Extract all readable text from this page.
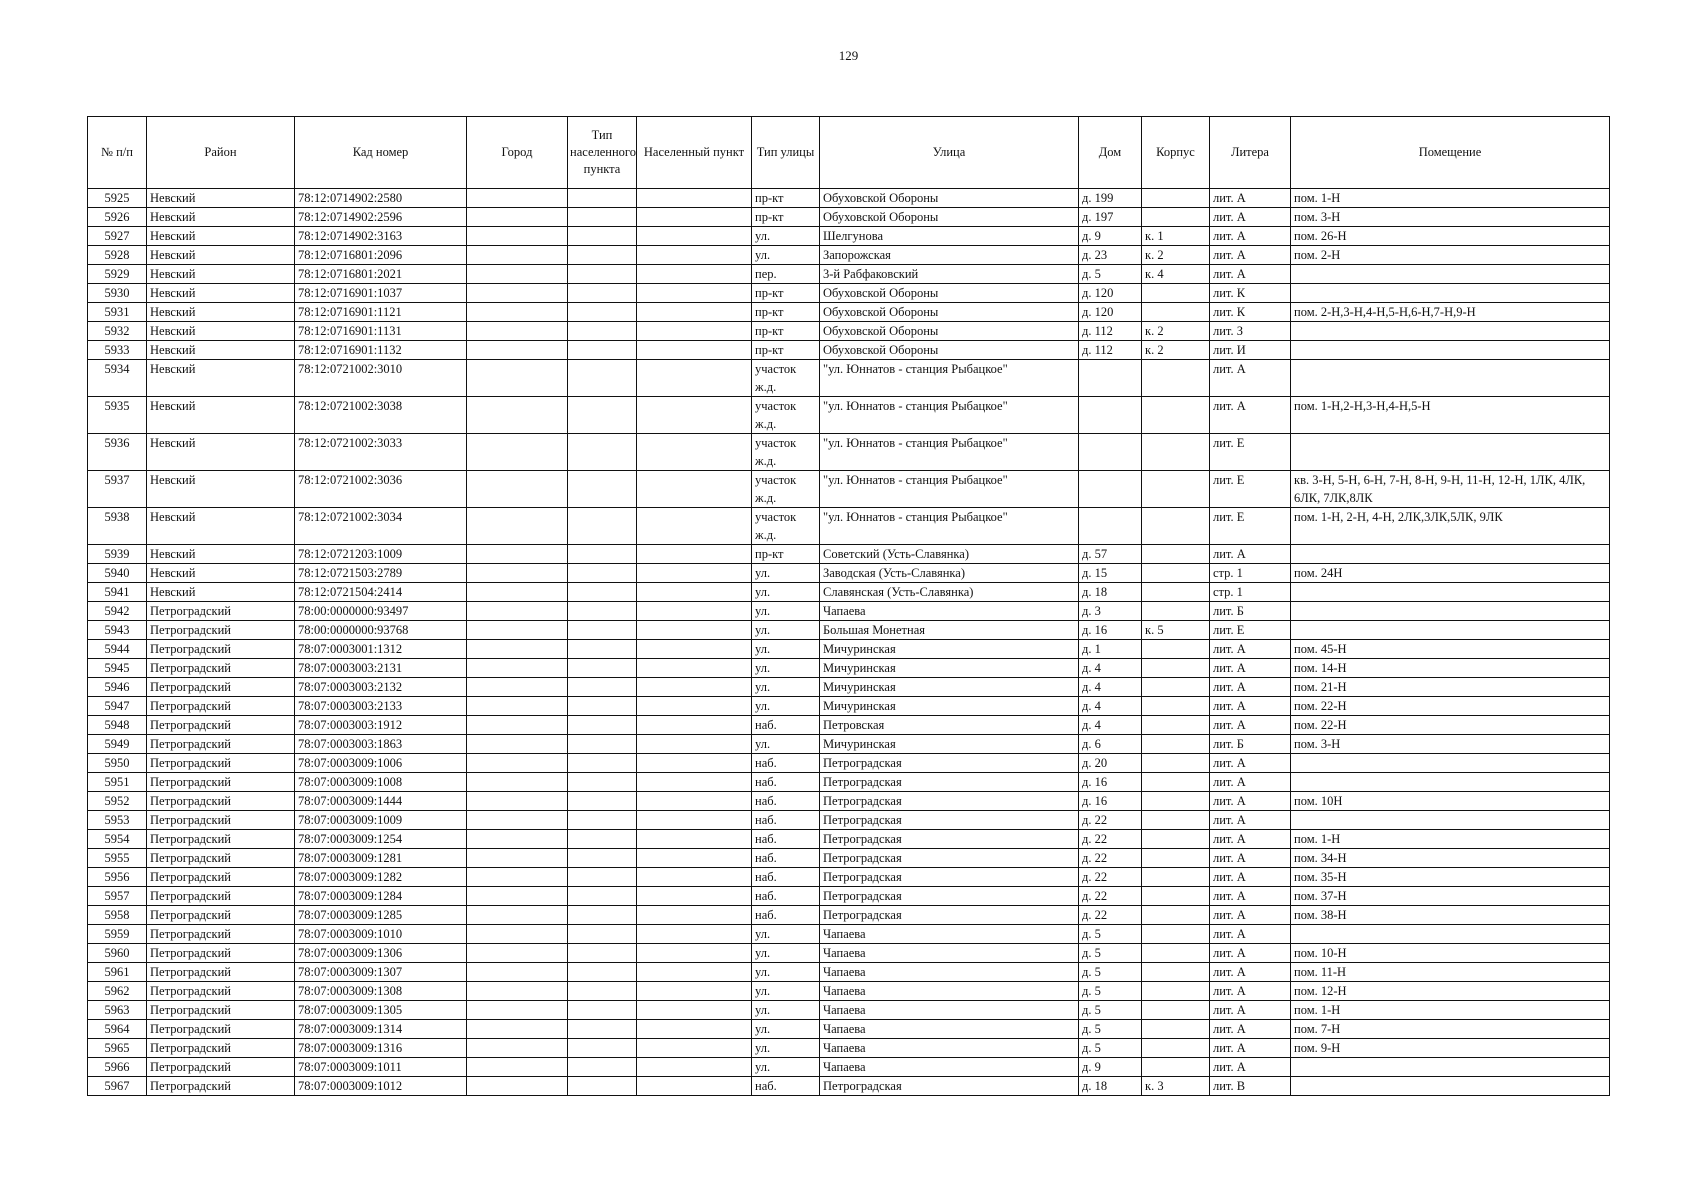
129
№ п/п	Район	Кад номер	Город	Тип населенного пункта	Населенный пункт	Тип улицы	Улица	Дом	Корпус	Литера	Помещение
5925	Невский	78:12:0714902:2580				пр-кт	Обуховской Обороны	д. 199		лит. А	пом. 1-Н
5926	Невский	78:12:0714902:2596				пр-кт	Обуховской Обороны	д. 197		лит. А	пом. 3-Н
5927	Невский	78:12:0714902:3163				ул.	Шелгунова	д. 9	к. 1	лит. А	пом. 26-Н
5928	Невский	78:12:0716801:2096				ул.	Запорожская	д. 23	к. 2	лит. А	пом. 2-Н
5929	Невский	78:12:0716801:2021				пер.	3-й Рабфаковский	д. 5	к. 4	лит. А	
5930	Невский	78:12:0716901:1037				пр-кт	Обуховской Обороны	д. 120		лит. К	
5931	Невский	78:12:0716901:1121				пр-кт	Обуховской Обороны	д. 120		лит. К	пом. 2-Н,3-Н,4-Н,5-Н,6-Н,7-Н,9-Н
5932	Невский	78:12:0716901:1131				пр-кт	Обуховской Обороны	д. 112	к. 2	лит. З	
5933	Невский	78:12:0716901:1132				пр-кт	Обуховской Обороны	д. 112	к. 2	лит. И	
5934	Невский	78:12:0721002:3010				участок ж.д.	"ул. Юннатов - станция Рыбацкое"			лит. А	
5935	Невский	78:12:0721002:3038				участок ж.д.	"ул. Юннатов - станция Рыбацкое"			лит. А	пом. 1-Н,2-Н,3-Н,4-Н,5-Н
5936	Невский	78:12:0721002:3033				участок ж.д.	"ул. Юннатов - станция Рыбацкое"			лит. Е	
5937	Невский	78:12:0721002:3036				участок ж.д.	"ул. Юннатов - станция Рыбацкое"			лит. Е	кв. 3-Н, 5-Н, 6-Н, 7-Н, 8-Н, 9-Н, 11-Н, 12-Н, 1ЛК, 4ЛК, 6ЛК, 7ЛК,8ЛК
5938	Невский	78:12:0721002:3034				участок ж.д.	"ул. Юннатов - станция Рыбацкое"			лит. Е	пом. 1-Н, 2-Н, 4-Н, 2ЛК,3ЛК,5ЛК, 9ЛК
5939	Невский	78:12:0721203:1009				пр-кт	Советский (Усть-Славянка)	д. 57		лит. А	
5940	Невский	78:12:0721503:2789				ул.	Заводская (Усть-Славянка)	д. 15		стр. 1	пом. 24Н
5941	Невский	78:12:0721504:2414				ул.	Славянская (Усть-Славянка)	д. 18		стр. 1	
5942	Петроградский	78:00:0000000:93497				ул.	Чапаева	д. 3		лит. Б	
5943	Петроградский	78:00:0000000:93768				ул.	Большая Монетная	д. 16	к. 5	лит. Е	
5944	Петроградский	78:07:0003001:1312				ул.	Мичуринская	д. 1		лит. А	пом. 45-Н
5945	Петроградский	78:07:0003003:2131				ул.	Мичуринская	д. 4		лит. А	пом. 14-Н
5946	Петроградский	78:07:0003003:2132				ул.	Мичуринская	д. 4		лит. А	пом. 21-Н
5947	Петроградский	78:07:0003003:2133				ул.	Мичуринская	д. 4		лит. А	пом. 22-Н
5948	Петроградский	78:07:0003003:1912				наб.	Петровская	д. 4		лит. А	пом. 22-Н
5949	Петроградский	78:07:0003003:1863				ул.	Мичуринская	д. 6		лит. Б	пом. 3-Н
5950	Петроградский	78:07:0003009:1006				наб.	Петроградская	д. 20		лит. А	
5951	Петроградский	78:07:0003009:1008				наб.	Петроградская	д. 16		лит. А	
5952	Петроградский	78:07:0003009:1444				наб.	Петроградская	д. 16		лит. А	пом. 10Н
5953	Петроградский	78:07:0003009:1009				наб.	Петроградская	д. 22		лит. А	
5954	Петроградский	78:07:0003009:1254				наб.	Петроградская	д. 22		лит. А	пом. 1-Н
5955	Петроградский	78:07:0003009:1281				наб.	Петроградская	д. 22		лит. А	пом. 34-Н
5956	Петроградский	78:07:0003009:1282				наб.	Петроградская	д. 22		лит. А	пом. 35-Н
5957	Петроградский	78:07:0003009:1284				наб.	Петроградская	д. 22		лит. А	пом. 37-Н
5958	Петроградский	78:07:0003009:1285				наб.	Петроградская	д. 22		лит. А	пом. 38-Н
5959	Петроградский	78:07:0003009:1010				ул.	Чапаева	д. 5		лит. А	
5960	Петроградский	78:07:0003009:1306				ул.	Чапаева	д. 5		лит. А	пом. 10-Н
5961	Петроградский	78:07:0003009:1307				ул.	Чапаева	д. 5		лит. А	пом. 11-Н
5962	Петроградский	78:07:0003009:1308				ул.	Чапаева	д. 5		лит. А	пом. 12-Н
5963	Петроградский	78:07:0003009:1305				ул.	Чапаева	д. 5		лит. А	пом. 1-Н
5964	Петроградский	78:07:0003009:1314				ул.	Чапаева	д. 5		лит. А	пом. 7-Н
5965	Петроградский	78:07:0003009:1316				ул.	Чапаева	д. 5		лит. А	пом. 9-Н
5966	Петроградский	78:07:0003009:1011				ул.	Чапаева	д. 9		лит. А	
5967	Петроградский	78:07:0003009:1012				наб.	Петроградская	д. 18	к. 3	лит. В	
